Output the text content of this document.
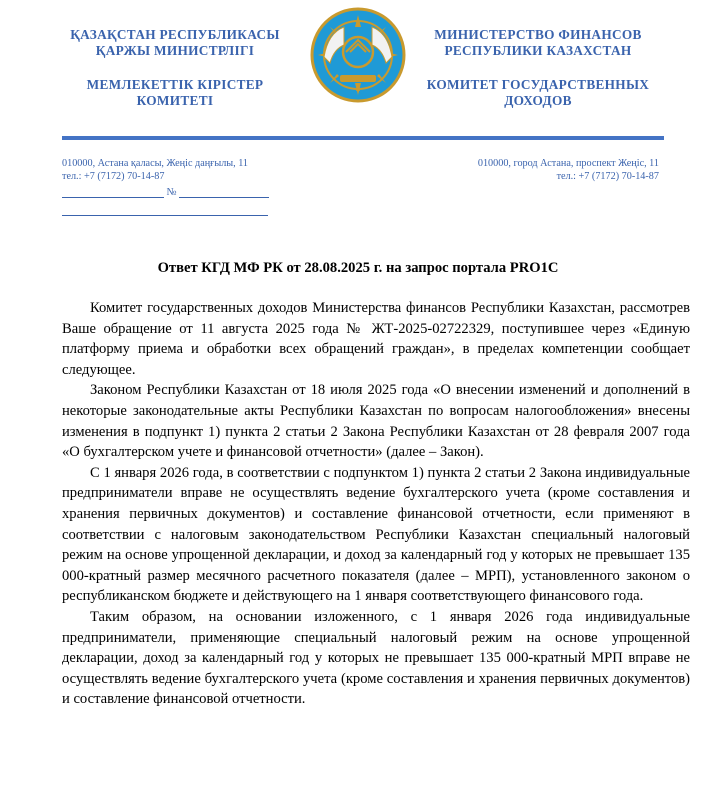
ҚАЗАҚСТАН РЕСПУБЛИКАСЫ
ҚАРЖЫ МИНИСТРЛІГІ
МЕМЛЕКЕТТІК КІРІСТЕР
КОМИТЕТІ
МИНИСТЕРСТВО ФИНАНСОВ
РЕСПУБЛИКИ КАЗАХСТАН
КОМИТЕТ ГОСУДАРСТВЕННЫХ
ДОХОДОВ
010000, Астана қаласы, Жеңіс даңғылы, 11
тел.: +7 (7172) 70-14-87
010000, город Астана, проспект Жеңіс, 11
тел.: +7 (7172) 70-14-87
№
Ответ КГД МФ РК от 28.08.2025 г. на запрос портала PRO1C

Комитет государственных доходов Министерства финансов Республики Казахстан, рассмотрев Ваше обращение от 11 августа 2025 года № ЖТ-2025-02722329, поступившее через «Единую платформу приема и обработки всех обращений граждан», в пределах компетенции сообщает следующее.

Законом Республики Казахстан от 18 июля 2025 года «О внесении изменений и дополнений в некоторые законодательные акты Республики Казахстан по вопросам налогообложения» внесены изменения в подпункт 1) пункта 2 статьи 2 Закона Республики Казахстан от 28 февраля 2007 года «О бухгалтерском учете и финансовой отчетности» (далее – Закон).

С 1 января 2026 года, в соответствии с подпунктом 1) пункта 2 статьи 2 Закона индивидуальные предприниматели вправе не осуществлять ведение бухгалтерского учета (кроме составления и хранения первичных документов) и составление финансовой отчетности, если применяют в соответствии с налоговым законодательством Республики Казахстан специальный налоговый режим на основе упрощенной декларации, и доход за календарный год у которых не превышает 135 000-кратный размер месячного расчетного показателя (далее – МРП), установленного законом о республиканском бюджете и действующего на 1 января соответствующего финансового года.

Таким образом, на основании изложенного, с 1 января 2026 года индивидуальные предприниматели, применяющие специальный налоговый режим на основе упрощенной декларации, доход за календарный год у которых не превышает 135 000-кратный МРП вправе не осуществлять ведение бухгалтерского учета (кроме составления и хранения первичных документов) и составление финансовой отчетности.
